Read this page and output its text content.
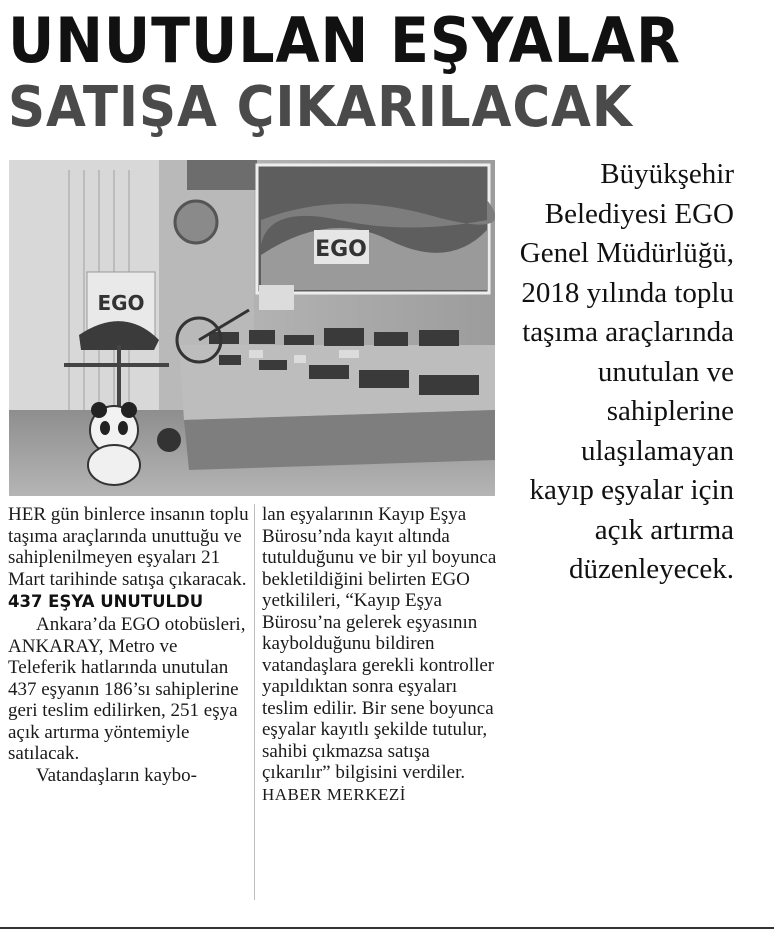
UNUTULAN EŞYALAR
SATIŞA ÇIKARILACAK
EGO
EGO

Büyükşehir Belediyesi EGO Genel Müdürlüğü, 2018 yılında toplu taşıma araçlarında unutulan ve sahiplerine ulaşılamayan kayıp eşyalar için açık artırma düzenleyecek.

HER gün binlerce insanın toplu taşıma araçlarında unuttuğu ve sahiplenilmeyen eşyaları 21 Mart tarihinde satışa çıkaracak.

437 EŞYA UNUTULDU

Ankara’da EGO otobüsleri, ANKARAY, Metro ve Teleferik hatlarında unutulan 437 eşyanın 186’sı sahiplerine geri teslim edilirken, 251 eşya açık artırma yöntemiyle satılacak.

Vatandaşların kaybo-

lan eşyalarının Kayıp Eşya Bürosu’nda kayıt altında tutulduğunu ve bir yıl boyunca bekletildiğini belirten EGO yetkilileri, “Kayıp Eşya Bürosu’na gelerek eşyasının kaybolduğunu bildiren vatandaşlara gerekli kontroller yapıldıktan sonra eşyaları teslim edilir. Bir sene boyunca eşyalar kayıtlı şekilde tutulur, sahibi çıkmazsa satışa çıkarılır” bilgisini verdiler. HABER MERKEZİ
